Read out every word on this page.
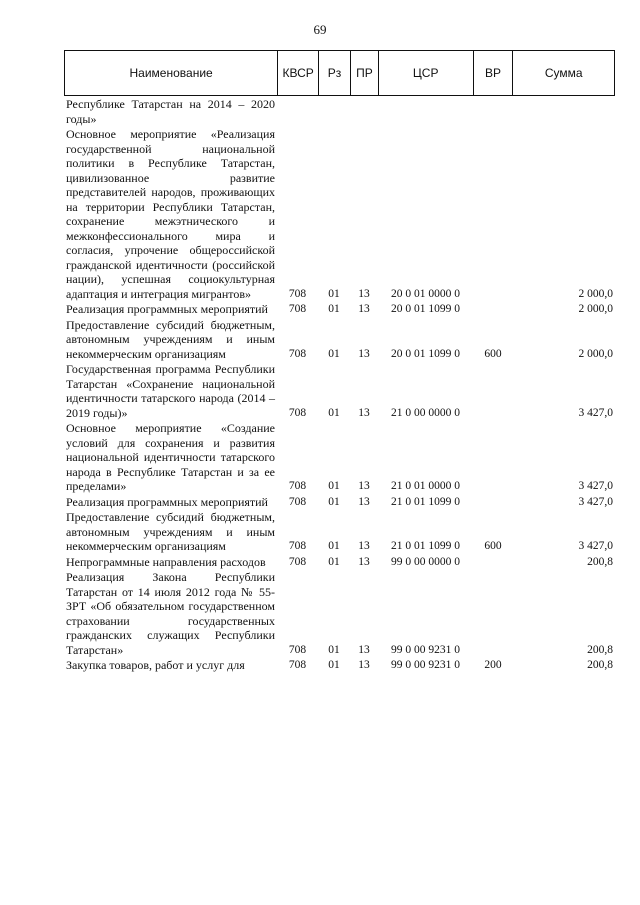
69
Наименование	КВСР	Рз	ПР	ЦСР	ВР	Сумма
Республике Татарстан на 2014 – 2020 годы»
Основное мероприятие «Реализация государственной национальной политики в Республике Татарстан, цивилизованное развитие представителей народов, проживающих на территории Республики Татарстан, сохранение межэтнического и межконфессионального мира и согласия, упрочение общероссийской гражданской идентичности (российской нации), успешная социокультурная адаптация и интеграция мигрантов»	708	01	13	20 0 01 0000 0	2 000,0
Реализация программных мероприятий	708	01	13	20 0 01 1099 0	2 000,0
Предоставление субсидий бюджетным, автономным учреждениям и иным некоммерческим организациям	708	01	13	20 0 01 1099 0	600	2 000,0
Государственная программа Республики Татарстан «Сохранение национальной идентичности татарского народа (2014 – 2019 годы)»	708	01	13	21 0 00 0000 0	3 427,0
Основное мероприятие «Создание условий для сохранения и развития национальной идентичности татарского народа в Республике Татарстан и за ее пределами»	708	01	13	21 0 01 0000 0	3 427,0
Реализация программных мероприятий	708	01	13	21 0 01 1099 0	3 427,0
Предоставление субсидий бюджетным, автономным учреждениям и иным некоммерческим организациям	708	01	13	21 0 01 1099 0	600	3 427,0
Непрограммные направления расходов	708	01	13	99 0 00 0000 0	200,8
Реализация Закона Республики Татарстан от 14 июля 2012 года № 55-ЗРТ «Об обязательном государственном страховании государственных гражданских служащих Республики Татарстан»	708	01	13	99 0 00 9231 0	200,8
Закупка товаров, работ и услуг для	708	01	13	99 0 00 9231 0	200	200,8
